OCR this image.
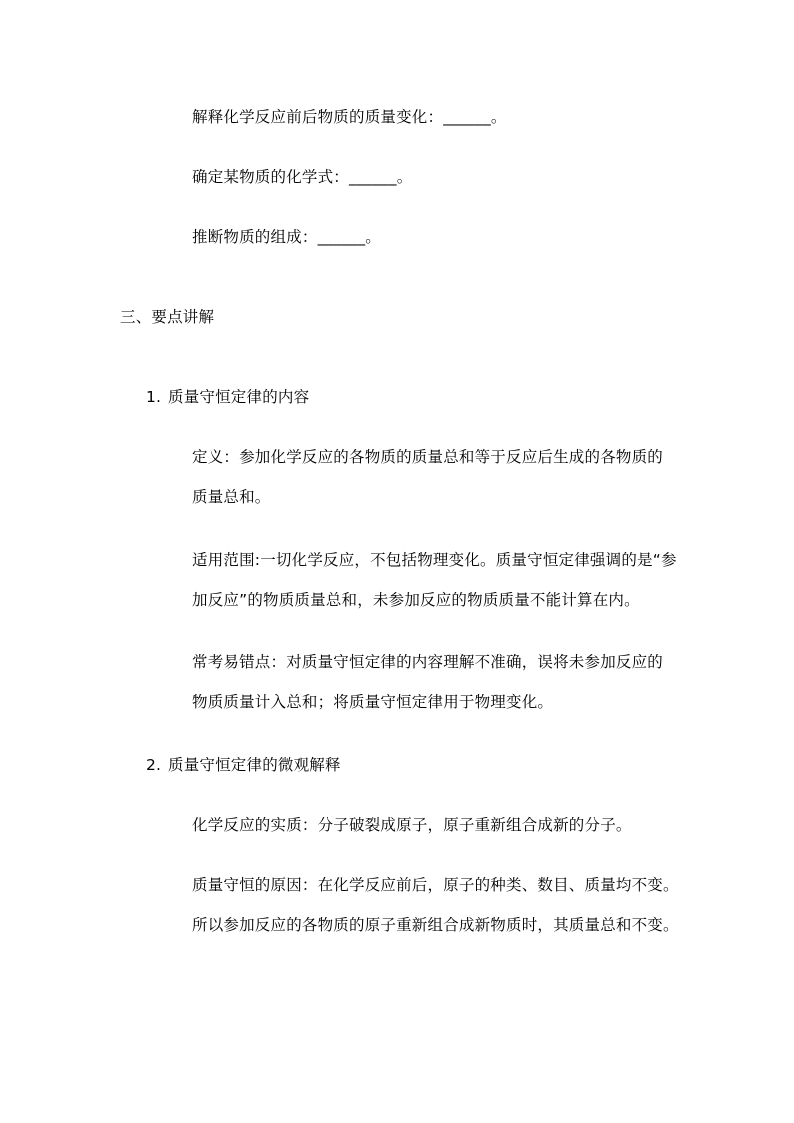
解释化学反应前后物质的质量变化：______。
确定某物质的化学式：______。
推断物质的组成：______。
三、要点讲解
1. 质量守恒定律的内容
定义：参加化学反应的各物质的质量总和等于反应后生成的各物质的
质量总和。
适用范围:一切化学反应，不包括物理变化。质量守恒定律强调的是“参
加反应”的物质质量总和，未参加反应的物质质量不能计算在内。
常考易错点：对质量守恒定律的内容理解不准确，误将未参加反应的
物质质量计入总和；将质量守恒定律用于物理变化。
2. 质量守恒定律的微观解释
化学反应的实质：分子破裂成原子，原子重新组合成新的分子。
质量守恒的原因：在化学反应前后，原子的种类、数目、质量均不变。
所以参加反应的各物质的原子重新组合成新物质时，其质量总和不变。
